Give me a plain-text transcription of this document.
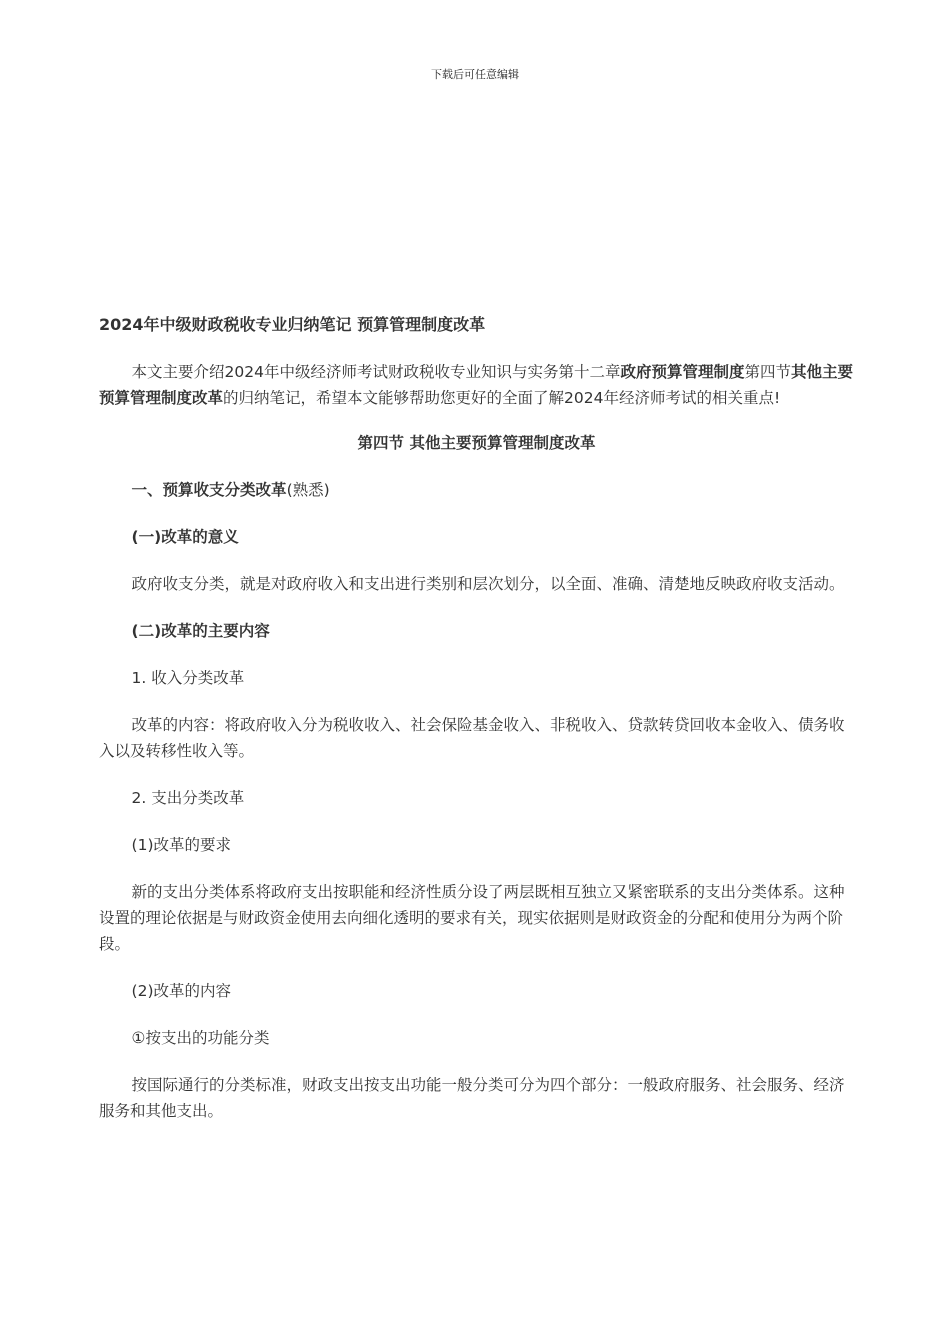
下载后可任意编辑

2024年中级财政税收专业归纳笔记 预算管理制度改革

本文主要介绍2024年中级经济师考试财政税收专业知识与实务第十二章政府预算管理制度第四节其他主要预算管理制度改革的归纳笔记，希望本文能够帮助您更好的全面了解2024年经济师考试的相关重点!

第四节 其他主要预算管理制度改革

一、预算收支分类改革(熟悉)

(一)改革的意义

政府收支分类，就是对政府收入和支出进行类别和层次划分，以全面、准确、清楚地反映政府收支活动。

(二)改革的主要内容

1. 收入分类改革

改革的内容：将政府收入分为税收收入、社会保险基金收入、非税收入、贷款转贷回收本金收入、债务收入以及转移性收入等。

2. 支出分类改革

(1)改革的要求

新的支出分类体系将政府支出按职能和经济性质分设了两层既相互独立又紧密联系的支出分类体系。这种设置的理论依据是与财政资金使用去向细化透明的要求有关，现实依据则是财政资金的分配和使用分为两个阶段。

(2)改革的内容

①按支出的功能分类

按国际通行的分类标准，财政支出按支出功能一般分类可分为四个部分：一般政府服务、社会服务、经济服务和其他支出。
